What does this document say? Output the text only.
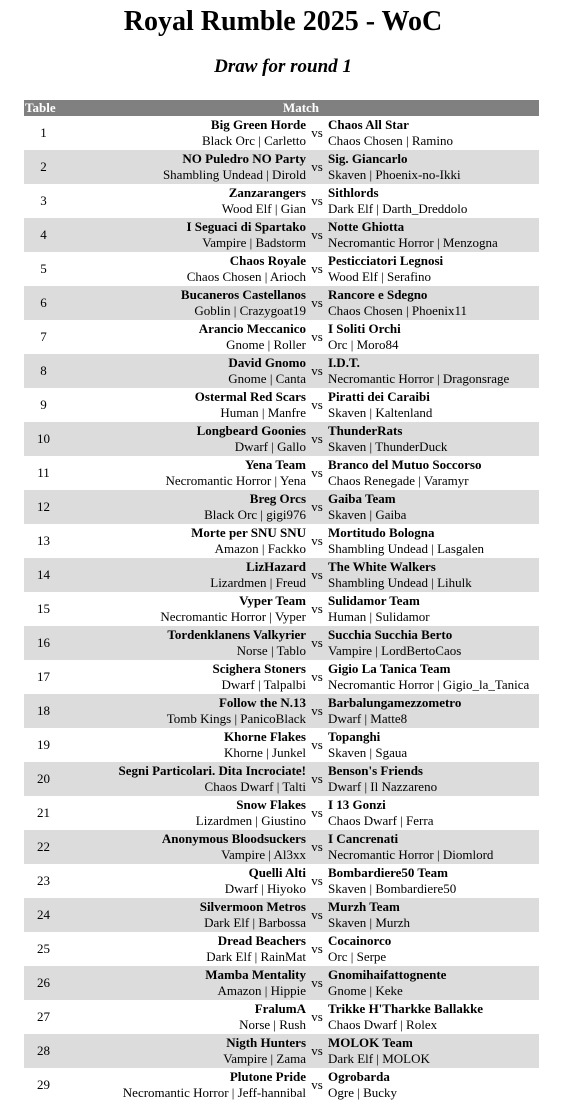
Royal Rumble 2025 - WoC
Draw for round 1
Table	Match		
1	Big Green Horde
Black Orc | Carletto	vs	Chaos All Star
Chaos Chosen | Ramino

2	NO Puledro NO Party
Shambling Undead | Dirold	vs	Sig. Giancarlo
Skaven | Phoenix-no-Ikki

3	Zanzarangers
Wood Elf | Gian	vs	Sithlords
Dark Elf | Darth_Dreddolo

4	I Seguaci di Spartako
Vampire | Badstorm	vs	Notte Ghiotta
Necromantic Horror | Menzogna

5	Chaos Royale
Chaos Chosen | Arioch	vs	Pesticciatori Legnosi
Wood Elf | Serafino

6	Bucaneros Castellanos
Goblin | Crazygoat19	vs	Rancore e Sdegno
Chaos Chosen | Phoenix11

7	Arancio Meccanico
Gnome | Roller	vs	I Soliti Orchi
Orc | Moro84

8	David Gnomo
Gnome | Canta	vs	I.D.T.
Necromantic Horror | Dragonsrage

9	Ostermal Red Scars
Human | Manfre	vs	Piratti dei Caraibi
Skaven | Kaltenland

10	Longbeard Goonies
Dwarf | Gallo	vs	ThunderRats
Skaven | ThunderDuck

11	Yena Team
Necromantic Horror | Yena	vs	Branco del Mutuo Soccorso
Chaos Renegade | Varamyr

12	Breg Orcs
Black Orc | gigi976	vs	Gaiba Team
Skaven | Gaiba

13	Morte per SNU SNU
Amazon | Fackko	vs	Mortitudo Bologna
Shambling Undead | Lasgalen

14	LizHazard
Lizardmen | Freud	vs	The White Walkers
Shambling Undead | Lihulk

15	Vyper Team
Necromantic Horror | Vyper	vs	Sulidamor Team
Human | Sulidamor

16	Tordenklanens Valkyrier
Norse | Tablo	vs	Succhia Succhia Berto
Vampire | LordBertoCaos

17	Scighera Stoners
Dwarf | Talpalbi	vs	Gigio La Tanica Team
Necromantic Horror | Gigio_la_Tanica

18	Follow the N.13
Tomb Kings | PanicoBlack	vs	Barbalungamezzometro
Dwarf | Matte8

19	Khorne Flakes
Khorne | Junkel	vs	Topanghi
Skaven | Sgaua

20	Segni Particolari. Dita Incrociate!
Chaos Dwarf | Talti	vs	Benson's Friends
Dwarf | Il Nazzareno

21	Snow Flakes
Lizardmen | Giustino	vs	I 13 Gonzi
Chaos Dwarf | Ferra

22	Anonymous Bloodsuckers
Vampire | Al3xx	vs	I Cancrenati
Necromantic Horror | Diomlord

23	Quelli Alti
Dwarf | Hiyoko	vs	Bombardiere50 Team
Skaven | Bombardiere50

24	Silvermoon Metros
Dark Elf | Barbossa	vs	Murzh Team
Skaven | Murzh

25	Dread Beachers
Dark Elf | RainMat	vs	Cocainorco
Orc | Serpe

26	Mamba Mentality
Amazon | Hippie	vs	Gnomihaifattognente
Gnome | Keke

27	FralumA
Norse | Rush	vs	Trikke H'Tharkke Ballakke
Chaos Dwarf | Rolex

28	Nigth Hunters
Vampire | Zama	vs	MOLOK Team
Dark Elf | MOLOK

29	Plutone Pride
Necromantic Horror | Jeff-hannibal	vs	Ogrobarda
Ogre | Bucky
